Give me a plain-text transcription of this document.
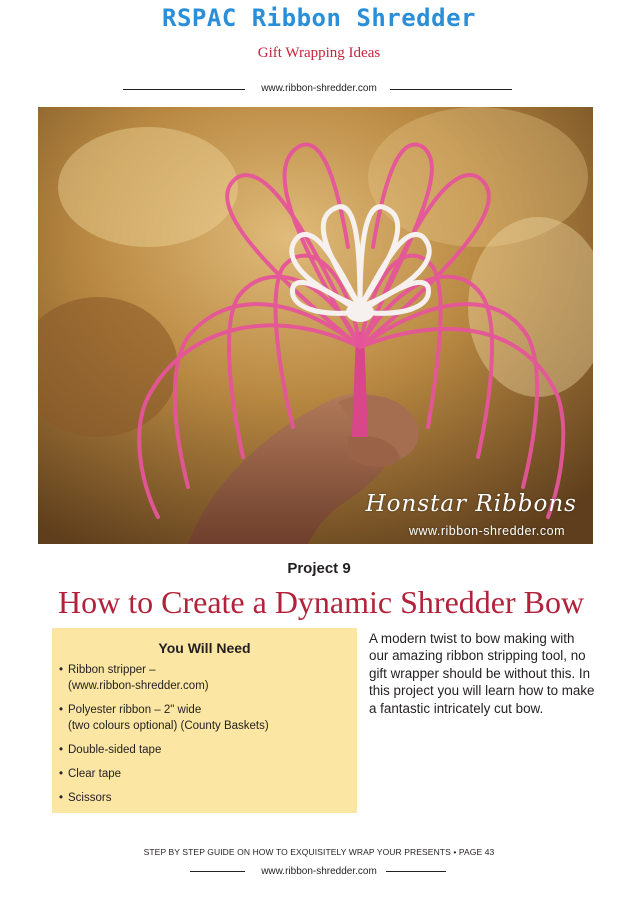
RSPAC Ribbon Shredder
Gift Wrapping Ideas
www.ribbon-shredder.com
Honstar Ribbons
www.ribbon-shredder.com
Project 9
How to Create a Dynamic Shredder Bow
You Will Need
• Ribbon stripper –
(www.ribbon-shredder.com)
• Polyester ribbon – 2" wide
(two colours optional) (County Baskets)
• Double-sided tape
• Clear tape
• Scissors
A modern twist to bow making with our amazing ribbon stripping tool, no gift wrapper should be without this. In this project you will learn how to make a fantastic intricately cut bow.
STEP BY STEP GUIDE ON HOW TO EXQUISITELY WRAP YOUR PRESENTS • PAGE 43
www.ribbon-shredder.com
